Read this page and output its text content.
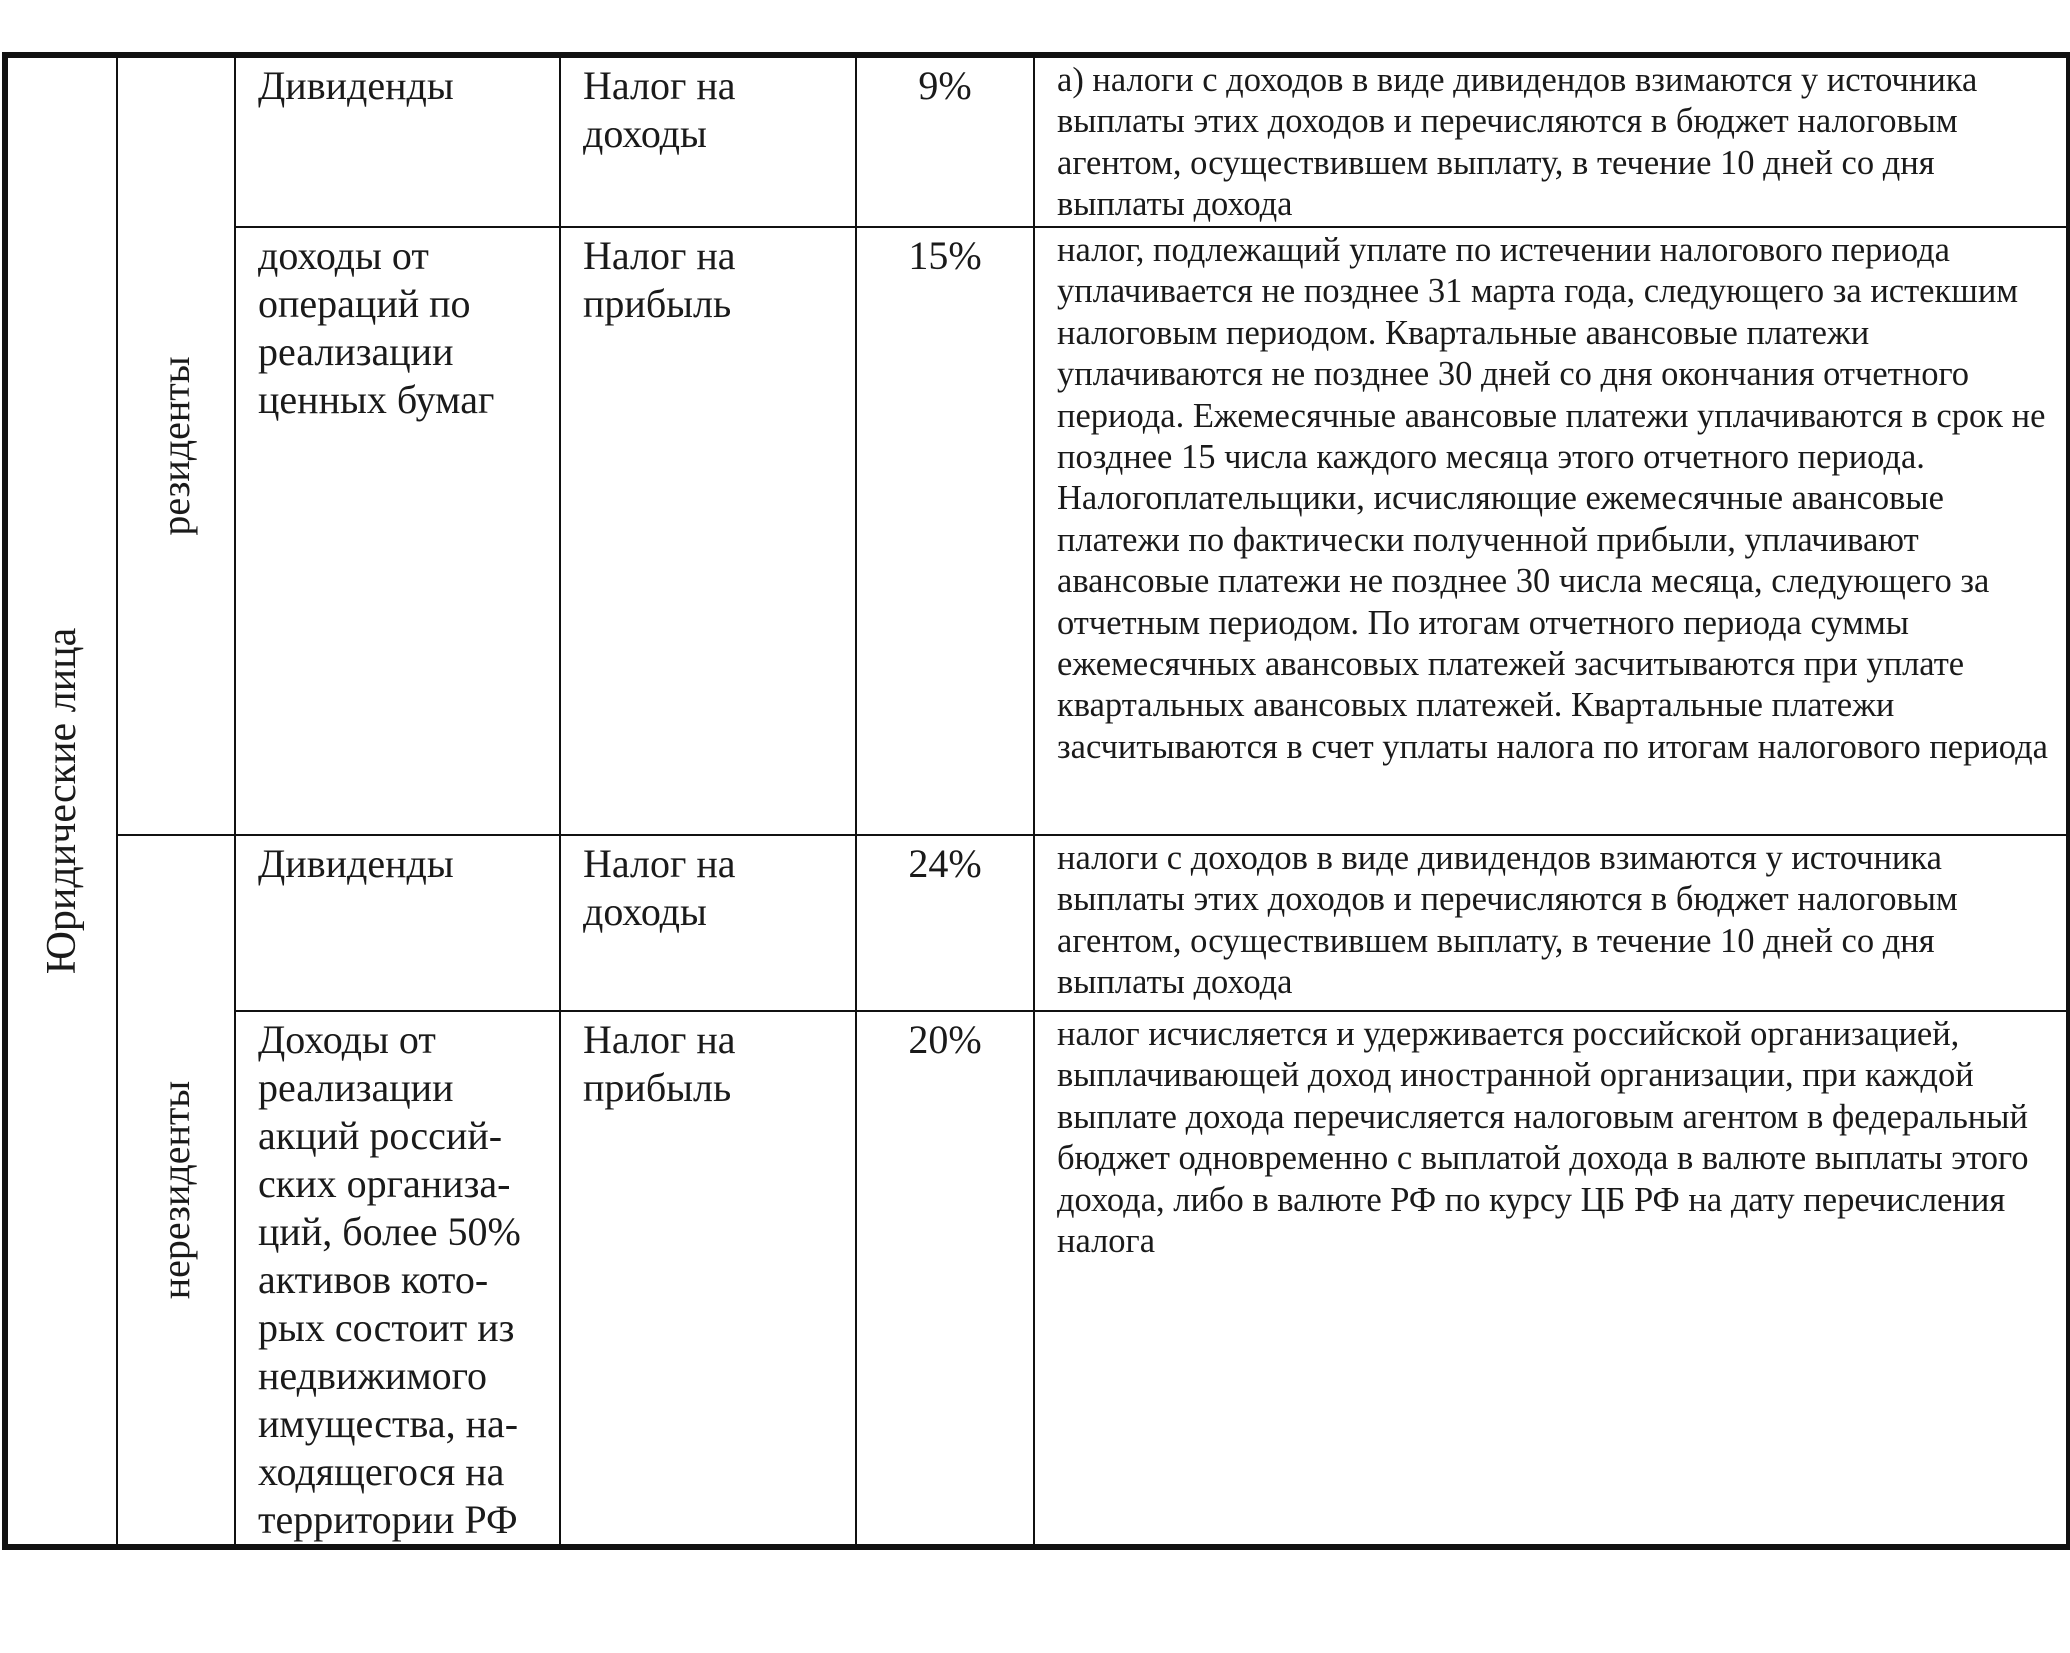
Юридические лица	резиденты	Дивиденды	Налог на доходы	9%	а) налоги с доходов в виде дивидендов взимаются у источника выплаты этих доходов и перечисляются в бюджет налоговым агентом, осуществившем выплату, в течение 10 дней со дня выплаты дохода
		доходы от операций по реализации ценных бумаг	Налог на прибыль	15%	налог, подлежащий уплате по истечении налогового периода уплачивается не позднее 31 марта года, следующего за истекшим налоговым периодом. Квартальные авансовые платежи уплачиваются не позднее 30 дней со дня окончания отчетного периода. Ежемесячные авансовые платежи уплачиваются в срок не позднее 15 числа каждого месяца этого отчетного периода. Налогоплательщики, исчисляющие ежемесячные авансовые платежи по фактически полученной прибыли, уплачивают авансовые платежи не позднее 30 числа месяца, следующего за отчетным периодом. По итогам отчетного периода суммы ежемесячных авансовых платежей засчитываются при уплате квартальных авансовых платежей. Квартальные платежи засчитываются в счет уплаты налога по итогам налогового периода

	нерезиденты	Дивиденды	Налог на доходы	24%	налоги с доходов в виде дивидендов взимаются у источника выплаты этих доходов и перечисляются в бюджет налоговым агентом, осуществившем выплату, в течение 10 дней со дня выплаты дохода
		Доходы от реализации акций россий-ских организа-ций, более 50% активов кото-рых состоит из недвижимого имущества, на-ходящегося на территории РФ	Налог на прибыль	20%	налог исчисляется и удерживается российской организацией, выплачивающей доход иностранной организации, при каждой выплате дохода перечисляется налоговым агентом в федеральный бюджет одновременно с выплатой дохода в валюте выплаты этого дохода, либо в валюте РФ по курсу ЦБ РФ на дату перечисления налога
